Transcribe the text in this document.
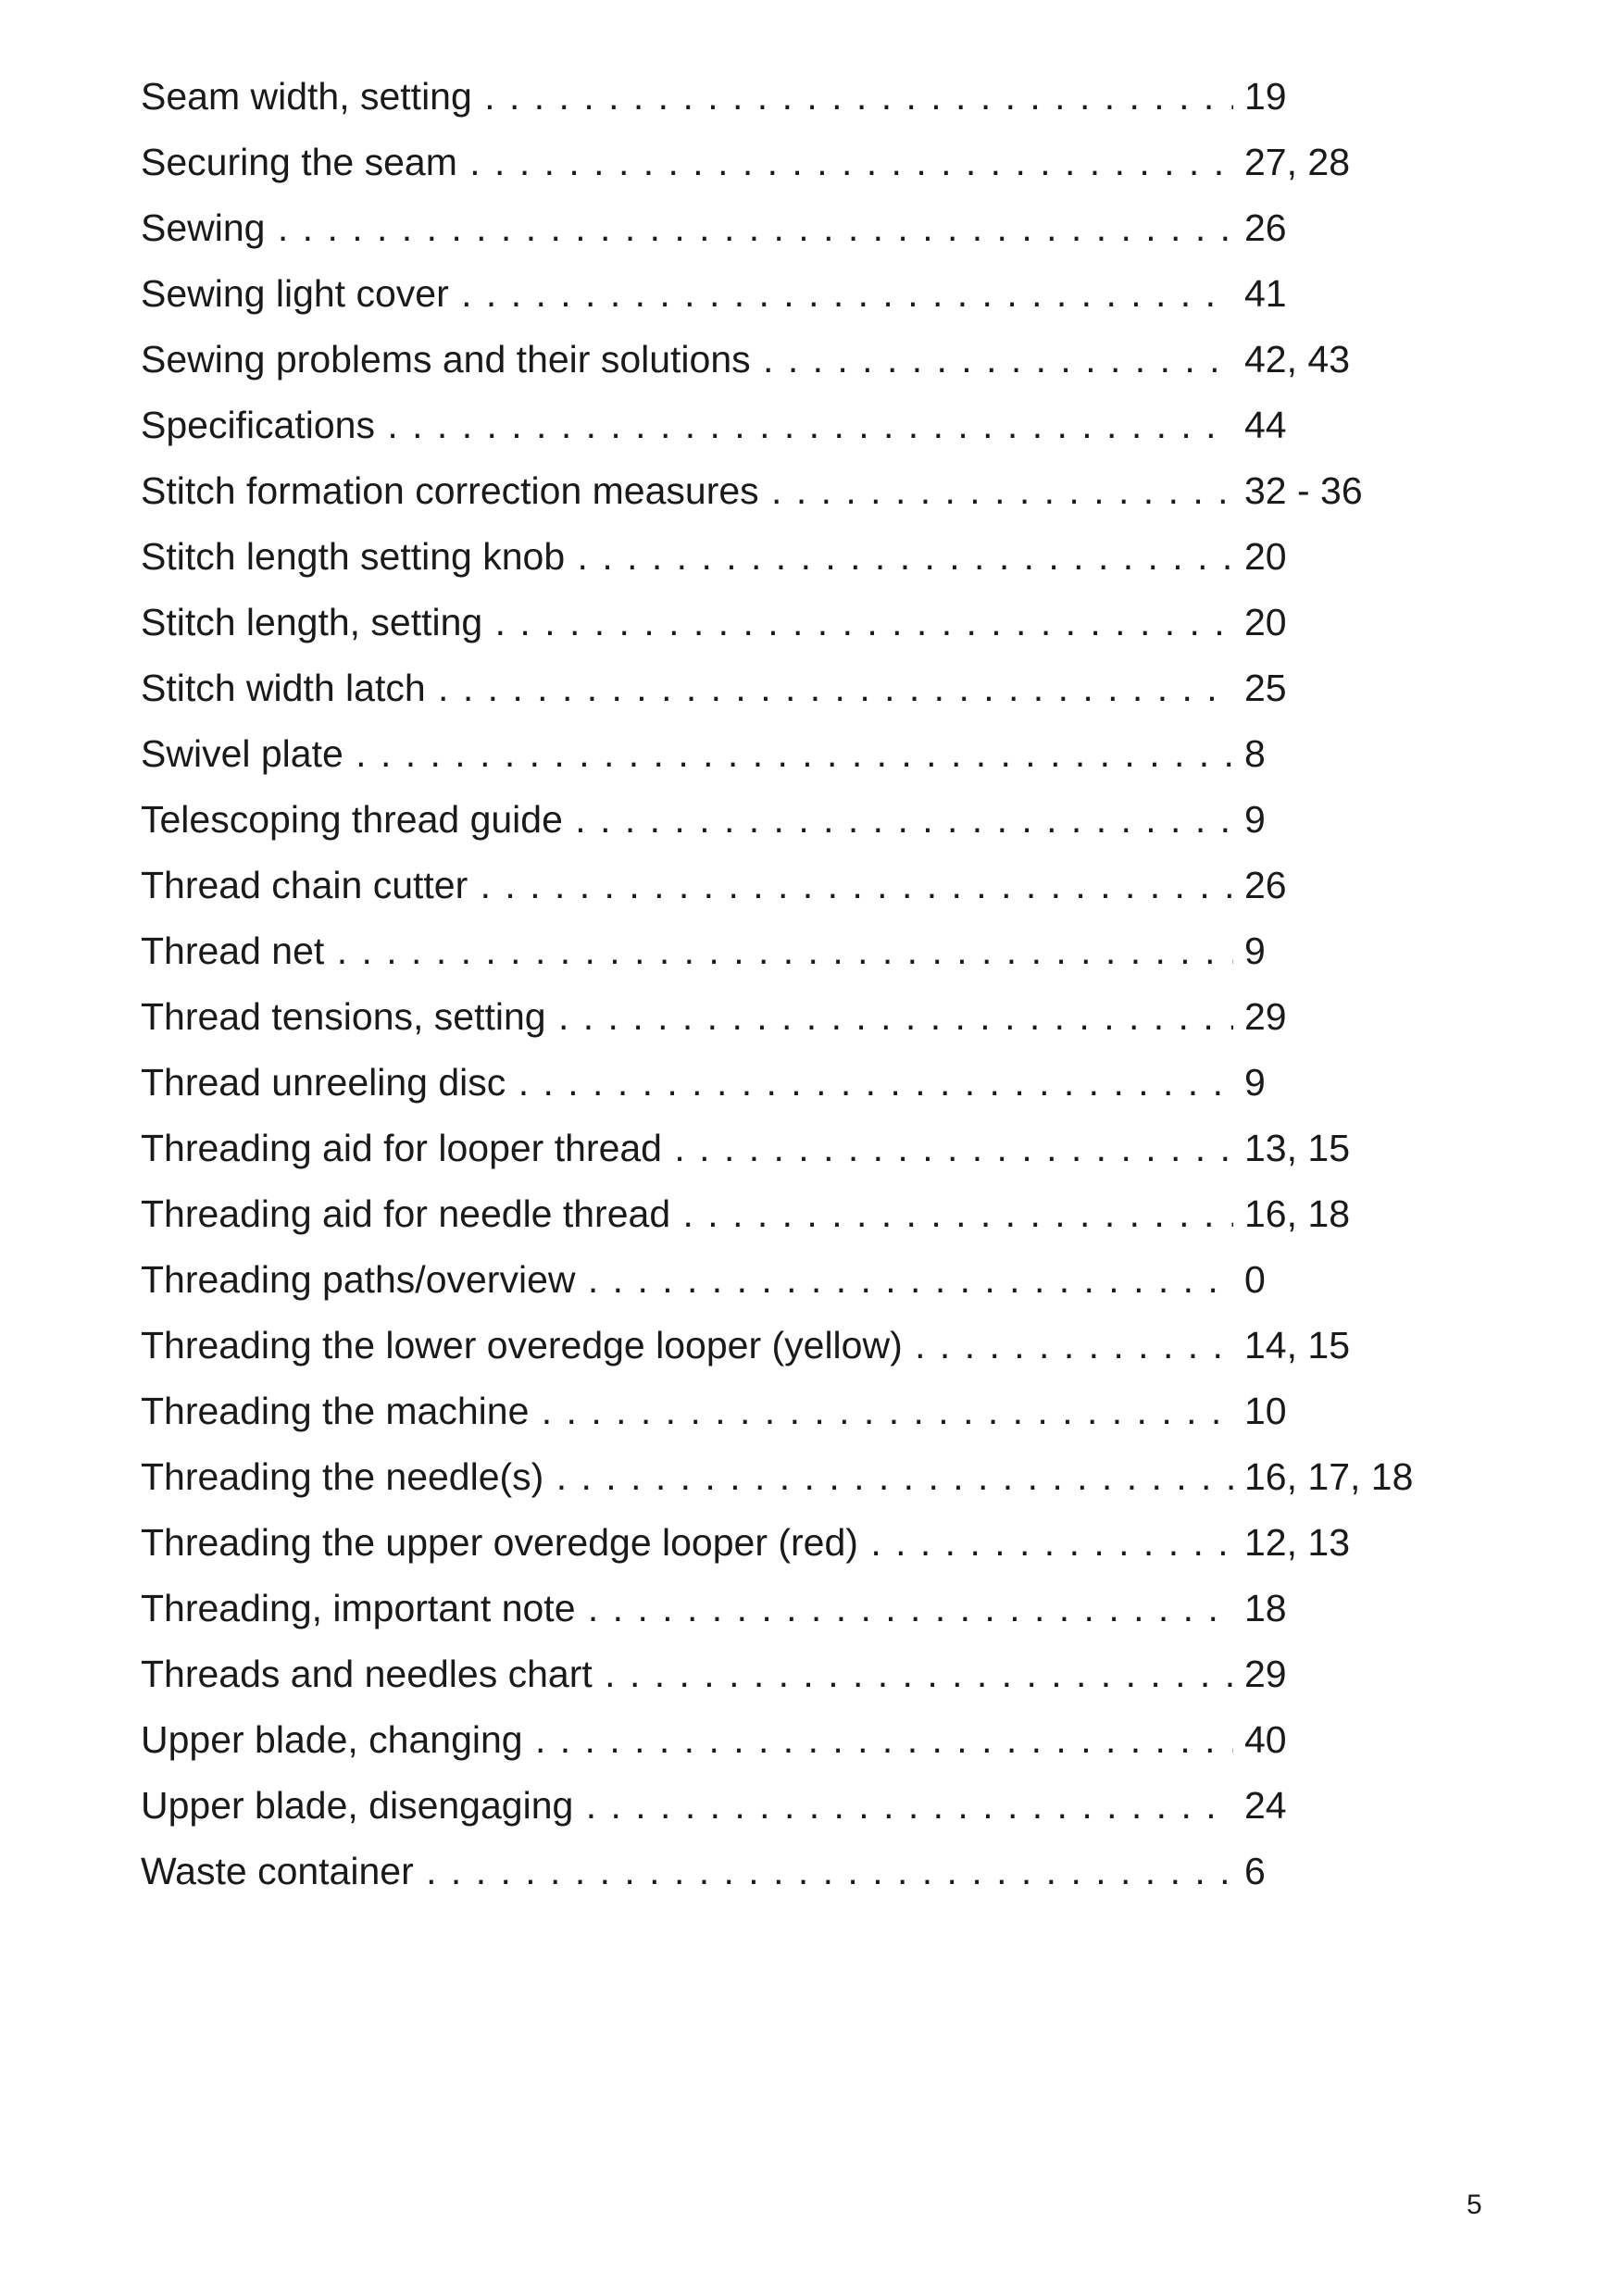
Seam width, setting . . .	19
Securing the seam . . .	27, 28
Sewing . . .	26
Sewing light cover . . .	41
Sewing problems and their solutions . . .	42, 43
Specifications . . .	44
Stitch formation correction measures . . .	32 - 36
Stitch length setting knob . . .	20
Stitch length, setting . . .	20
Stitch width latch . . .	25
Swivel plate . . .	8
Telescoping thread guide . . .	9
Thread chain cutter . . .	26
Thread net . . .	9
Thread tensions, setting . . .	29
Thread unreeling disc . . .	9
Threading aid for looper thread . . .	13, 15
Threading aid for needle thread . . .	16, 18
Threading paths/overview . . .	0
Threading the lower overedge looper (yellow) . . .	14, 15
Threading the machine . . .	10
Threading the needle(s) . . .	16, 17, 18
Threading the upper overedge looper (red) . . .	12, 13
Threading, important note . . .	18
Threads and needles chart . . .	29
Upper blade, changing . . .	40
Upper blade, disengaging . . .	24
Waste container . . .	6
5
